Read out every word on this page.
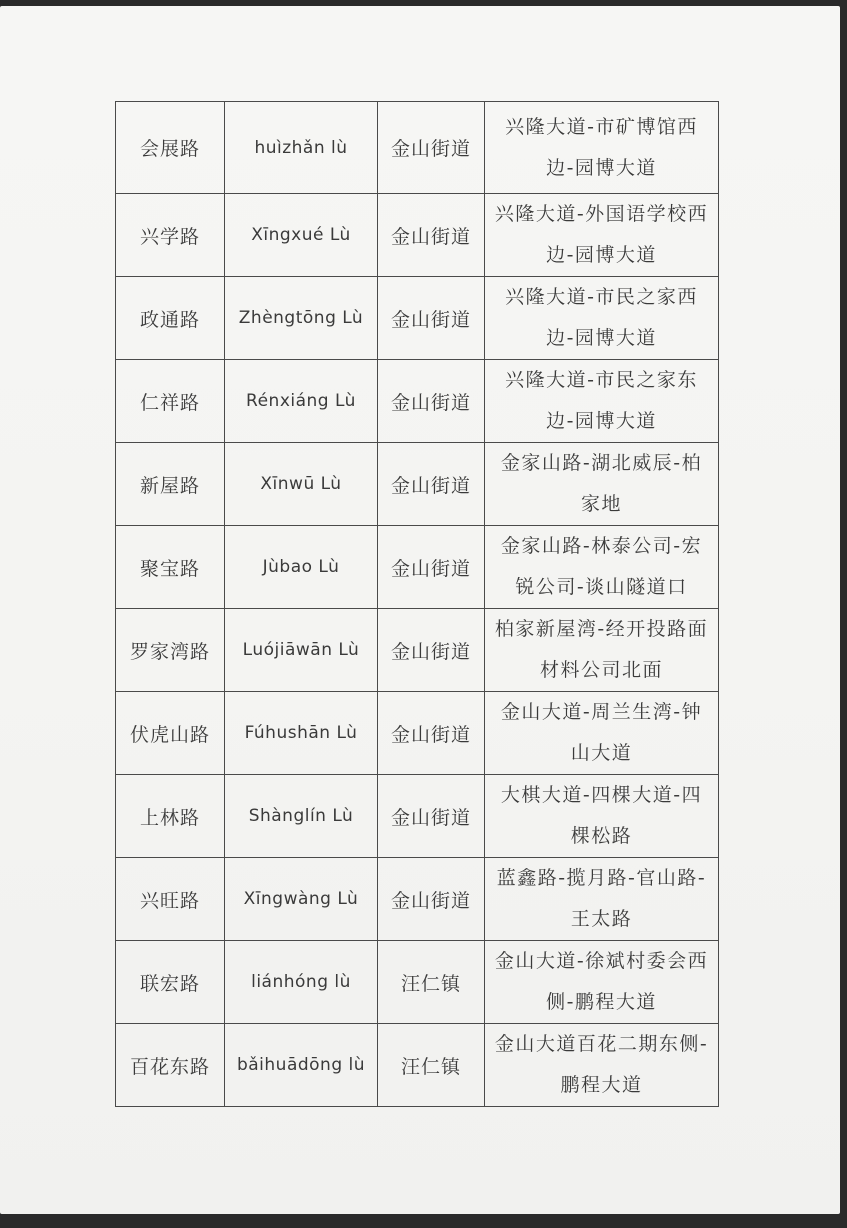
会展路	huìzhǎn lù	金山街道	兴隆大道-市矿博馆西边-园博大道
兴学路	Xīngxué Lù	金山街道	兴隆大道-外国语学校西边-园博大道
政通路	Zhèngtōng Lù	金山街道	兴隆大道-市民之家西边-园博大道
仁祥路	Rénxiáng Lù	金山街道	兴隆大道-市民之家东边-园博大道
新屋路	Xīnwū Lù	金山街道	金家山路-湖北威辰-柏家地
聚宝路	Jùbao Lù	金山街道	金家山路-林泰公司-宏锐公司-谈山隧道口
罗家湾路	Luójiāwān Lù	金山街道	柏家新屋湾-经开投路面材料公司北面
伏虎山路	Fúhushān Lù	金山街道	金山大道-周兰生湾-钟山大道
上林路	Shànglín Lù	金山街道	大棋大道-四棵大道-四棵松路
兴旺路	Xīngwàng Lù	金山街道	蓝鑫路-揽月路-官山路-王太路
联宏路	liánhóng lù	汪仁镇	金山大道-徐斌村委会西侧-鹏程大道
百花东路	bǎihuādōng lù	汪仁镇	金山大道百花二期东侧-鹏程大道
